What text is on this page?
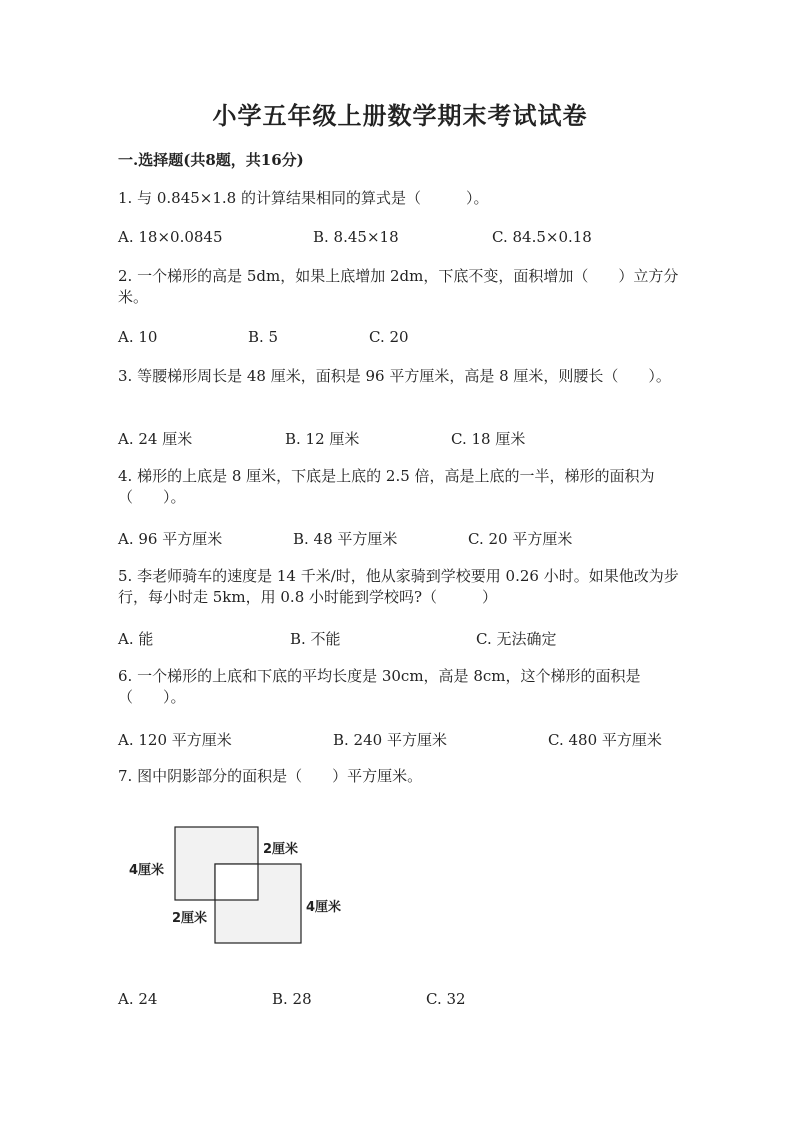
小学五年级上册数学期末考试试卷
一.选择题(共8题，共16分)
1. 与 0.845×1.8 的计算结果相同的算式是（　　　）。
A. 18×0.0845	B. 8.45×18	C. 84.5×0.18
2. 一个梯形的高是 5dm，如果上底增加 2dm，下底不变，面积增加（　　）立方分米。
A. 10	B. 5	C. 20
3. 等腰梯形周长是 48 厘米，面积是 96 平方厘米，高是 8 厘米，则腰长（　　）。
A. 24 厘米	B. 12 厘米	C. 18 厘米
4. 梯形的上底是 8 厘米，下底是上底的 2.5 倍，高是上底的一半，梯形的面积为（　　）。
A. 96 平方厘米	B. 48 平方厘米	C. 20 平方厘米
5. 李老师骑车的速度是 14 千米/时，他从家骑到学校要用 0.26 小时。如果他改为步行，每小时走 5km，用 0.8 小时能到学校吗?（　　　）
A. 能	B. 不能	C. 无法确定
6. 一个梯形的上底和下底的平均长度是 30cm，高是 8cm，这个梯形的面积是（　　）。
A. 120 平方厘米	B. 240 平方厘米	C. 480 平方厘米
7. 图中阴影部分的面积是（　　）平方厘米。
4厘米
2厘米
2厘米
4厘米
A. 24	B. 28	C. 32
